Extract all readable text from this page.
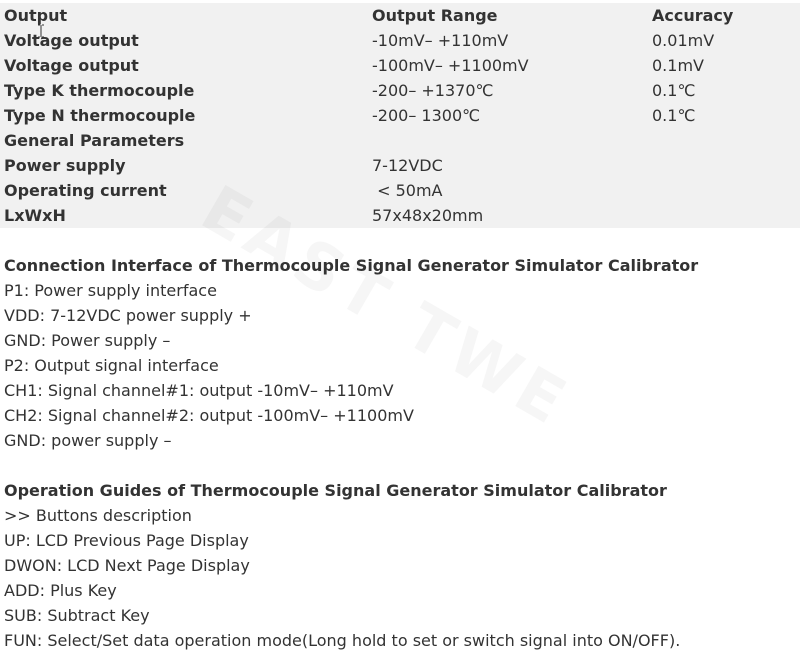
Output	Output Range	Accuracy
Voltage output	-10mV– +110mV	0.01mV
Voltage output	-100mV– +1100mV	0.1mV
Type K thermocouple	-200– +1370℃	0.1℃
Type N thermocouple	-200– 1300℃	0.1℃
General Parameters
Power supply	7-12VDC
Operating current	< 50mA
LxWxH	57x48x20mm
Connection Interface of Thermocouple Signal Generator Simulator Calibrator
P1: Power supply interface
VDD: 7-12VDC power supply +
GND: Power supply –
P2: Output signal interface
CH1: Signal channel#1: output -10mV– +110mV
CH2: Signal channel#2: output -100mV– +1100mV
GND: power supply –
Operation Guides of Thermocouple Signal Generator Simulator Calibrator
>> Buttons description
UP: LCD Previous Page Display
DWON: LCD Next Page Display
ADD: Plus Key
SUB: Subtract Key
FUN: Select/Set data operation mode(Long hold to set or switch signal into ON/OFF).
